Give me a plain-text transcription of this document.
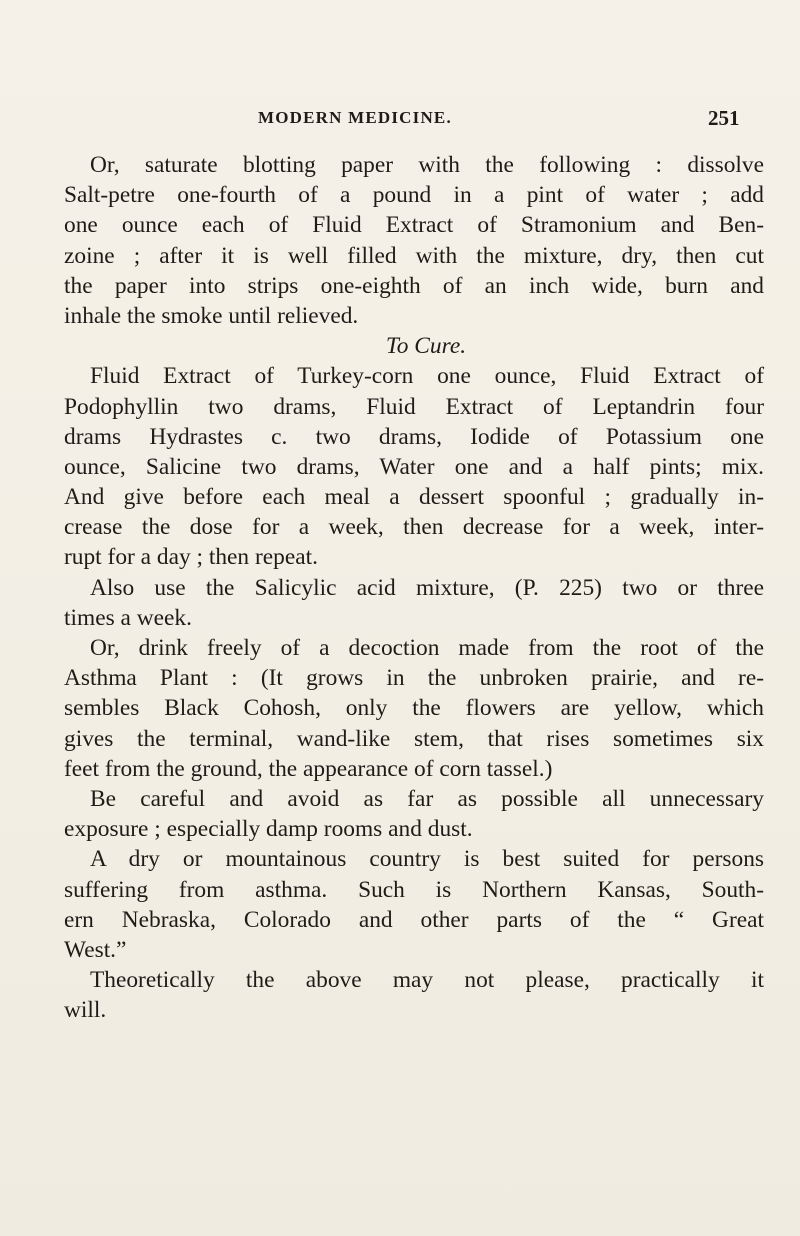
MODERN MEDICINE.	251
Or, saturate blotting paper with the following : dissolve
Salt-petre one-fourth of a pound in a pint of water ; add
one ounce each of Fluid Extract of Stramonium and Ben-
zoine ; after it is well filled with the mixture, dry, then cut
the paper into strips one-eighth of an inch wide, burn and
inhale the smoke until relieved.
To Cure.
Fluid Extract of Turkey-corn one ounce, Fluid Extract of
Podophyllin two drams, Fluid Extract of Leptandrin four
drams Hydrastes c. two drams, Iodide of Potassium one
ounce, Salicine two drams, Water one and a half pints; mix.
And give before each meal a dessert spoonful ; gradually in-
crease the dose for a week, then decrease for a week, inter-
rupt for a day ; then repeat.
Also use the Salicylic acid mixture, (P. 225) two or three
times a week.
Or, drink freely of a decoction made from the root of the
Asthma Plant : (It grows in the unbroken prairie, and re-
sembles Black Cohosh, only the flowers are yellow, which
gives the terminal, wand-like stem, that rises sometimes six
feet from the ground, the appearance of corn tassel.)
Be careful and avoid as far as possible all unnecessary
exposure ; especially damp rooms and dust.
A dry or mountainous country is best suited for persons
suffering from asthma. Such is Northern Kansas, South-
ern Nebraska, Colorado and other parts of the “ Great
West.”
Theoretically the above may not please, practically it
will.
